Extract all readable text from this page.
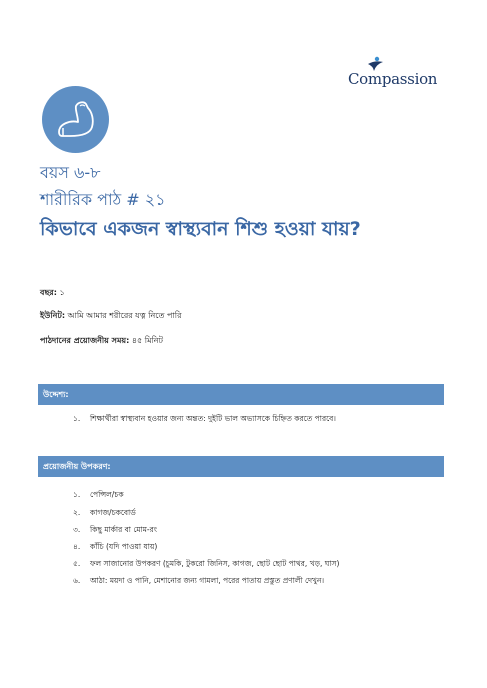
Compassion
বয়স ৬-৮
শারীরিক পাঠ # ২১
কিভাবে একজন স্বাস্থ্যবান শিশু হওয়া যায়?
বছর: ১
ইউনিট: আমি আমার শরীরের যত্ন নিতে পারি
পাঠদানের প্রয়োজনীয় সময়: ৪৫ মিনিট
উদ্দেশ্য:
১.	শিক্ষার্থীরা স্বাস্থ্যবান হওয়ার জন্য অন্তত: দুইটি ভাল অভ্যাসকে চিহ্নিত করতে পারবে।
প্রয়োজনীয় উপকরণ:
১.	পেন্সিল/চক
২.	কাগজ/চকবোর্ড
৩.	কিছু মার্কার বা মোম-রং
৪.	কাঁচি (যদি পাওয়া যায়)
৫.	ফল সাজানোর উপকরণ (চুমকি, টুকরো জিনিস, কাগজ, ছোট ছোট পাথর, খড়, ঘাস)
৬.	আঠা: ময়দা ও পানি, মেশানোর জন্য গামলা, পরের পাতায় প্রস্তুত প্রণালী দেখুন।
